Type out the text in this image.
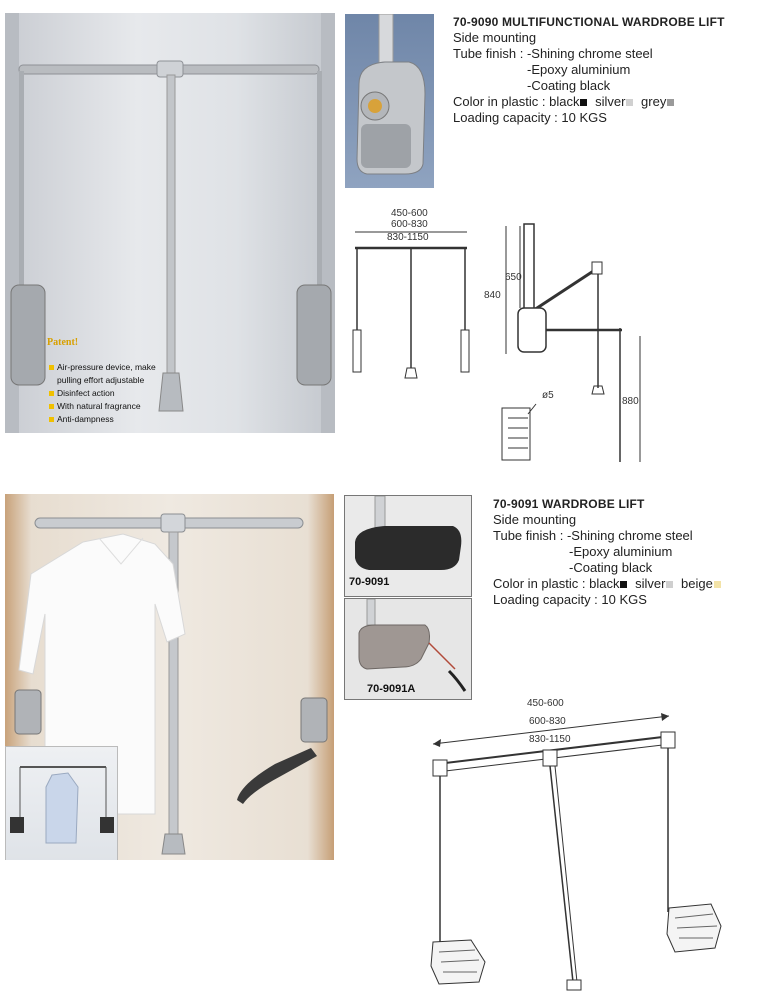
Patent!
Air-pressure device, make
pulling effort adjustable
Disinfect action
With natural fragrance
Anti-dampness
70-9090 MULTIFUNCTIONAL WARDROBE LIFT
Side mounting
Tube finish : -Shining chrome steel
-Epoxy aluminium
-Coating black
Color in plastic : black silver grey
Loading capacity : 10 KGS
450-600
600-830
830-1150
840
650
880
ø5
70-9091
70-9091A
70-9091 WARDROBE LIFT
Side mounting
Tube finish : -Shining chrome steel
-Epoxy aluminium
-Coating black
Color in plastic : black silver beige
Loading capacity : 10 KGS
450-600
600-830
830-1150
